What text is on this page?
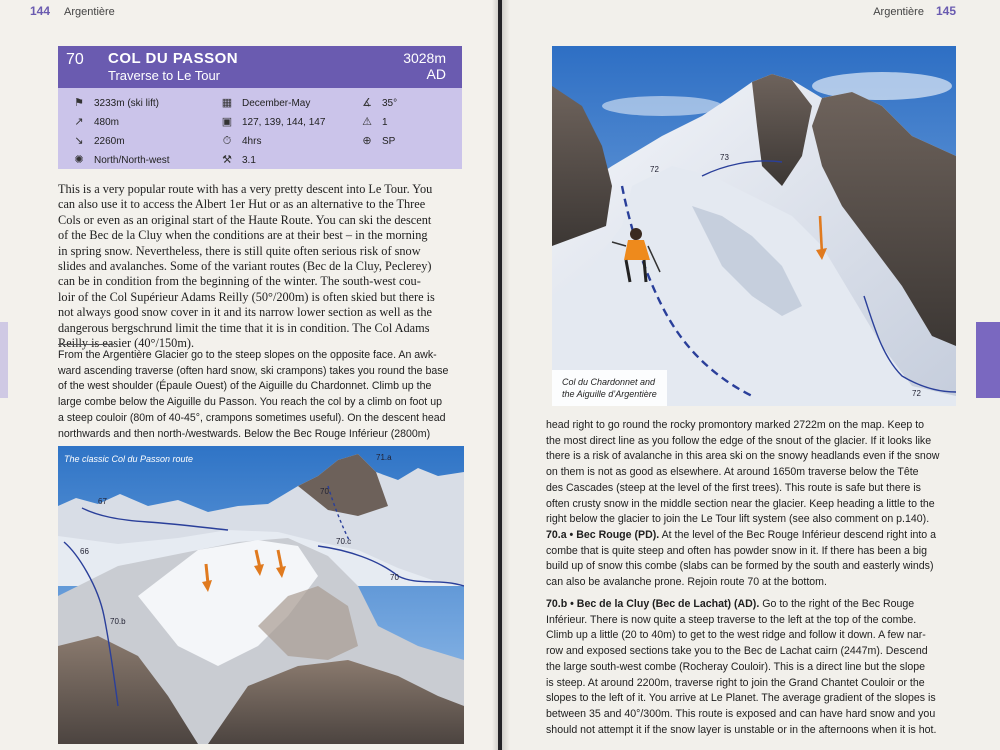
144 Argentière
70 COL DU PASSON
Traverse to Le Tour
3028m
AD
⚑ 3233m (ski lift)	▦ December-May	∡ 35°
↗ 480m	▣ 127, 139, 144, 147	⚠ 1
↘ 2260m	⏱ 4hrs	⊕ SP
✺ North/North-west	⚒ 3.1
This is a very popular route with has a very pretty descent into Le Tour. You
can also use it to access the Albert 1er Hut or as an alternative to the Three
Cols or even as an original start of the Haute Route. You can ski the descent
of the Bec de la Cluy when the conditions are at their best – in the morning
in spring snow. Nevertheless, there is still quite often serious risk of snow
slides and avalanches. Some of the variant routes (Bec de la Cluy, Peclerey)
can be in condition from the beginning of the winter. The south-west cou-
loir of the Col Supérieur Adams Reilly (50°/200m) is often skied but there is
not always good snow cover in it and its narrow lower section as well as the
dangerous bergschrund limit the time that it is in condition. The Col Adams
Reilly is easier (40°/150m).
From the Argentière Glacier go to the steep slopes on the opposite face. An awk-
ward ascending traverse (often hard snow, ski crampons) takes you round the base
of the west shoulder (Épaule Ouest) of the Aiguille du Chardonnet. Climb up the
large combe below the Aiguille du Passon. You reach the col by a climb on foot up
a steep couloir (80m of 40-45°, crampons sometimes useful). On the descent head
northwards and then north-/westwards. Below the Bec Rouge Inférieur (2800m)
71.a
67
70
70.c
66
70
70.b
The classic Col du Passon route
Argentière 145
73
72
72
Col du Chardonnet and
the Aiguille d’Argentière
head right to go round the rocky promontory marked 2722m on the map. Keep to
the most direct line as you follow the edge of the snout of the glacier. If it looks like
there is a risk of avalanche in this area ski on the snowy headlands even if the snow
on them is not as good as elsewhere. At around 1650m traverse below the Tête
des Cascades (steep at the level of the first trees). This route is safe but there is
often crusty snow in the middle section near the glacier. Keep heading a little to the
right below the glacier to join the Le Tour lift system (see also comment on p.140).
70.a • Bec Rouge (PD). At the level of the Bec Rouge Inférieur descend right into a
combe that is quite steep and often has powder snow in it. If there has been a big
build up of snow this combe (slabs can be formed by the south and easterly winds)
can also be avalanche prone. Rejoin route 70 at the bottom.
70.b • Bec de la Cluy (Bec de Lachat) (AD). Go to the right of the Bec Rouge
Inférieur. There is now quite a steep traverse to the left at the top of the combe.
Climb up a little (20 to 40m) to get to the west ridge and follow it down. A few nar-
row and exposed sections take you to the Bec de Lachat cairn (2447m). Descend
the large south-west combe (Rocheray Couloir). This is a direct line but the slope
is steep. At around 2200m, traverse right to join the Grand Chantet Couloir or the
slopes to the left of it. You arrive at Le Planet. The average gradient of the slopes is
between 35 and 40°/300m. This route is exposed and can have hard snow and you
should not attempt it if the snow layer is unstable or in the afternoons when it is hot.
